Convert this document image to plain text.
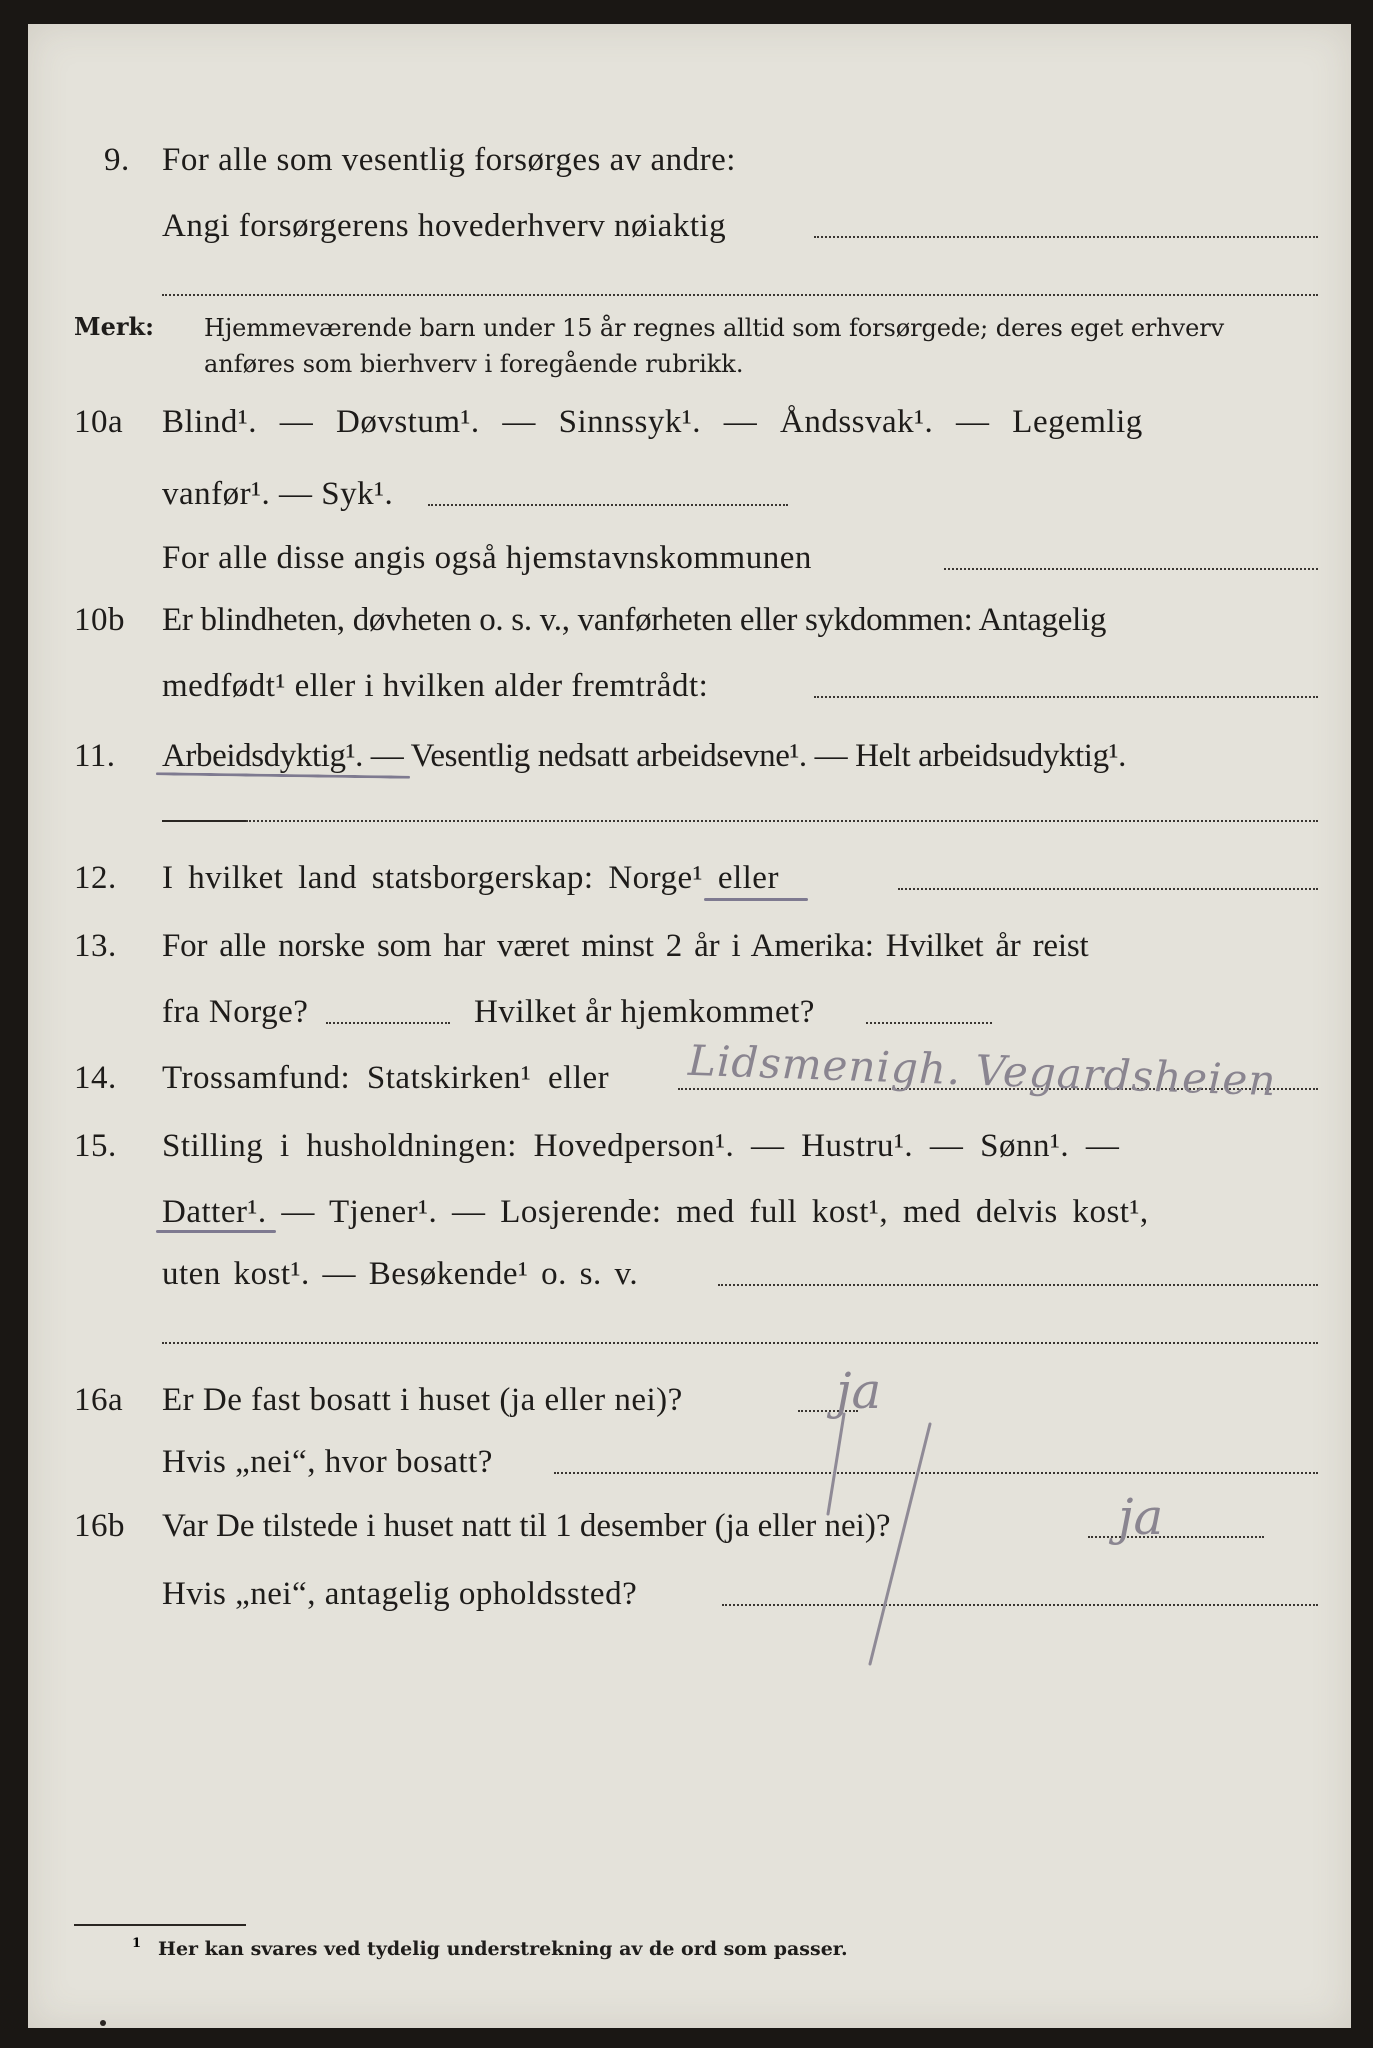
9. For alle som vesentlig forsørges av andre:
Angi forsørgerens hovederhverv nøiaktig
Merk: Hjemmeværende barn under 15 år regnes alltid som forsørgede; deres eget erhverv
anføres som bierhverv i foregående rubrikk.
10a Blind¹. — Døvstum¹. — Sinnssyk¹. — Åndssvak¹. — Legemlig
vanfør¹. — Syk¹.
For alle disse angis også hjemstavnskommunen
10b Er blindheten, døvheten o. s. v., vanførheten eller sykdommen: Antagelig
medfødt¹ eller i hvilken alder fremtrådt:
11. Arbeidsdyktig¹. — Vesentlig nedsatt arbeidsevne¹. — Helt arbeidsudyktig¹.
12. I hvilket land statsborgerskap: Norge¹ eller
13. For alle norske som har været minst 2 år i Amerika: Hvilket år reist
fra Norge?	Hvilket år hjemkommet?
14. Trossamfund: Statskirken¹ eller Lidsmenigh. Vegardsheien
15. Stilling i husholdningen: Hovedperson¹. — Hustru¹. — Sønn¹. —
Datter¹. — Tjener¹. — Losjerende: med full kost¹, med delvis kost¹,
uten kost¹. — Besøkende¹ o. s. v.
16a Er De fast bosatt i huset (ja eller nei)?	ja
Hvis „nei“, hvor bosatt?
16b Var De tilstede i huset natt til 1 desember (ja eller nei)?	ja
Hvis „nei“, antagelig opholdssted?
1 Her kan svares ved tydelig understrekning av de ord som passer.
